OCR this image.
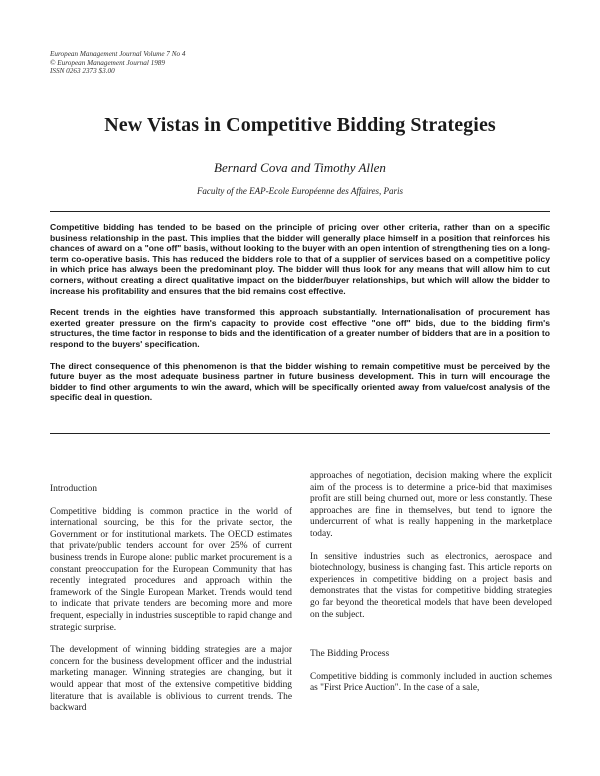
European Management Journal Volume 7 No 4
© European Management Journal 1989
ISSN 0263 2373 $3.00
New Vistas in Competitive Bidding Strategies
Bernard Cova and Timothy Allen
Faculty of the EAP-Ecole Européenne des Affaires, Paris

Competitive bidding has tended to be based on the principle of pricing over other criteria, rather than on a specific business relationship in the past. This implies that the bidder will generally place himself in a position that reinforces his chances of award on a "one off" basis, without looking to the buyer with an open intention of strengthening ties on a long-term co-operative basis. This has reduced the bidders role to that of a supplier of services based on a competitive policy in which price has always been the predominant ploy. The bidder will thus look for any means that will allow him to cut corners, without creating a direct qualitative impact on the bidder/buyer relationships, but which will allow the bidder to increase his profitability and ensures that the bid remains cost effective.

Recent trends in the eighties have transformed this approach substantially. Internationalisation of procurement has exerted greater pressure on the firm's capacity to provide cost effective "one off" bids, due to the bidding firm's structures, the time factor in response to bids and the identification of a greater number of bidders that are in a position to respond to the buyers' specification.

The direct consequence of this phenomenon is that the bidder wishing to remain competitive must be perceived by the future buyer as the most adequate business partner in future business development. This in turn will encourage the bidder to find other arguments to win the award, which will be specifically oriented away from value/cost analysis of the specific deal in question.

Introduction

Competitive bidding is common practice in the world of international sourcing, be this for the private sector, the Government or for institutional markets. The OECD estimates that private/public tenders account for over 25% of current business trends in Europe alone: public market procurement is a constant preoccupation for the European Community that has recently integrated procedures and approach within the framework of the Single European Market. Trends would tend to indicate that private tenders are becoming more and more frequent, especially in industries susceptible to rapid change and strategic surprise.

The development of winning bidding strategies are a major concern for the business development officer and the industrial marketing manager. Winning strategies are changing, but it would appear that most of the extensive competitive bidding literature that is available is oblivious to current trends. The backward

approaches of negotiation, decision making where the explicit aim of the process is to determine a price-bid that maximises profit are still being churned out, more or less constantly. These approaches are fine in themselves, but tend to ignore the undercurrent of what is really happening in the marketplace today.

In sensitive industries such as electronics, aerospace and biotechnology, business is changing fast. This article reports on experiences in competitive bidding on a project basis and demonstrates that the vistas for competitive bidding strategies go far beyond the theoretical models that have been developed on the subject.

The Bidding Process

Competitive bidding is commonly included in auction schemes as "First Price Auction". In the case of a sale,
